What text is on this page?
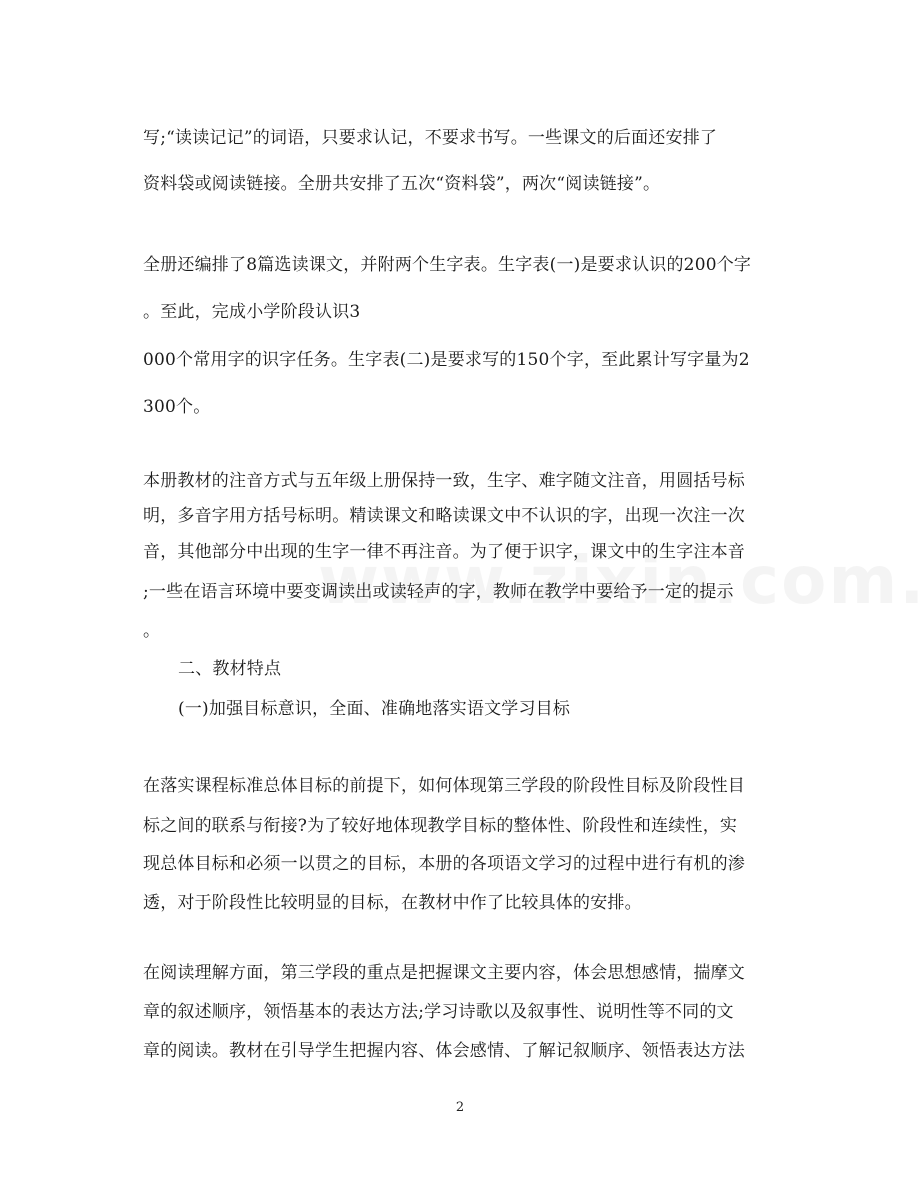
写;“读读记记”的词语，只要求认记，不要求书写。一些课文的后面还安排了
资料袋或阅读链接。全册共安排了五次“资料袋”，两次“阅读链接”。
全册还编排了8篇选读课文，并附两个生字表。生字表(一)是要求认识的200个字
。至此，完成小学阶段认识3
000个常用字的识字任务。生字表(二)是要求写的150个字，至此累计写字量为2
300个。
本册教材的注音方式与五年级上册保持一致，生字、难字随文注音，用圆括号标
明，多音字用方括号标明。精读课文和略读课文中不认识的字，出现一次注一次
音，其他部分中出现的生字一律不再注音。为了便于识字，课文中的生字注本音
;一些在语言环境中要变调读出或读轻声的字，教师在教学中要给予一定的提示
。
二、教材特点
(一)加强目标意识，全面、准确地落实语文学习目标
在落实课程标准总体目标的前提下，如何体现第三学段的阶段性目标及阶段性目
标之间的联系与衔接?为了较好地体现教学目标的整体性、阶段性和连续性，实
现总体目标和必须一以贯之的目标，本册的各项语文学习的过程中进行有机的渗
透，对于阶段性比较明显的目标，在教材中作了比较具体的安排。
在阅读理解方面，第三学段的重点是把握课文主要内容，体会思想感情，揣摩文
章的叙述顺序，领悟基本的表达方法;学习诗歌以及叙事性、说明性等不同的文
章的阅读。教材在引导学生把握内容、体会感情、了解记叙顺序、领悟表达方法
2
